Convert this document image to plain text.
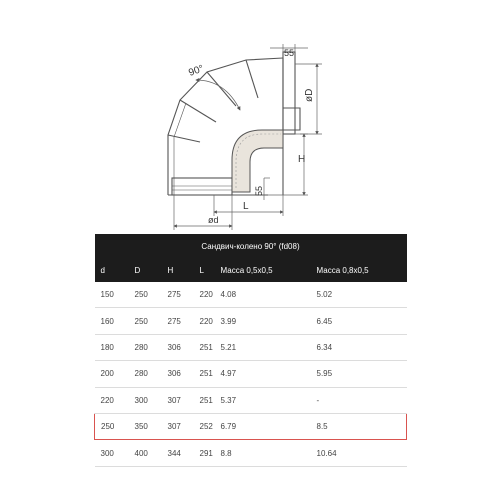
90°
55
øD
H
55
L
ød
Сандвич-колено 90° (fd08)					
d	D	H	L	Масса 0,5х0,5	Масса 0,8х0,5
150	250	275	220	4.08	5.02
160	250	275	220	3.99	6.45
180	280	306	251	5.21	6.34
200	280	306	251	4.97	5.95
220	300	307	251	5.37	-
250	350	307	252	6.79	8.5
300	400	344	291	8.8	10.64
